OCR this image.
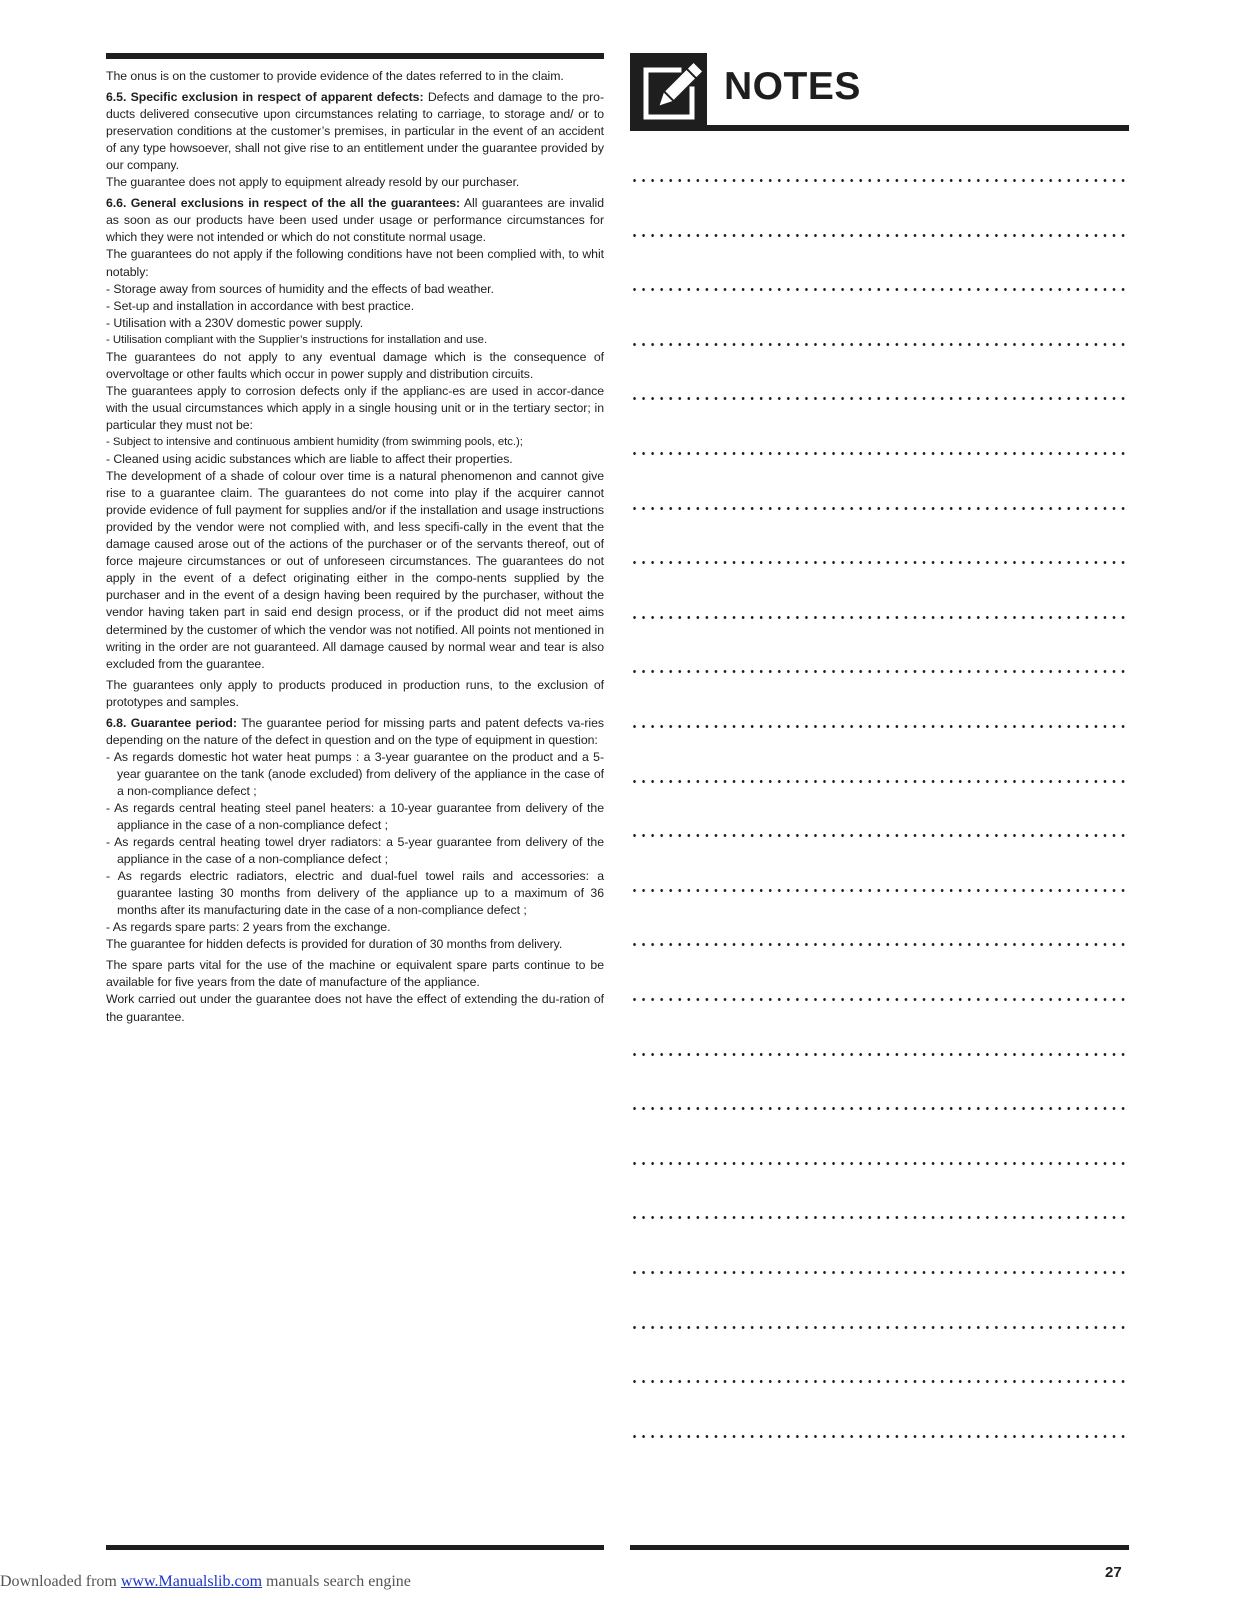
The onus is on the customer to provide evidence of the dates referred to in the claim.

6.5. Specific exclusion in respect of apparent defects: Defects and damage to the pro-ducts delivered consecutive upon circumstances relating to carriage, to storage and/ or to preservation conditions at the customer’s premises, in particular in the event of an accident of any type howsoever, shall not give rise to an entitlement under the guarantee provided by our company.

The guarantee does not apply to equipment already resold by our purchaser.

6.6. General exclusions in respect of the all the guarantees: All guarantees are invalid as soon as our products have been used under usage or performance circumstances for which they were not intended or which do not constitute normal usage.

The guarantees do not apply if the following conditions have not been complied with, to whit notably:

- Storage away from sources of humidity and the effects of bad weather.
- Set-up and installation in accordance with best practice.
- Utilisation with a 230V domestic power supply.
- Utilisation compliant with the Supplier’s instructions for installation and use.

The guarantees do not apply to any eventual damage which is the consequence of overvoltage or other faults which occur in power supply and distribution circuits.

The guarantees apply to corrosion defects only if the applianc-es are used in accor-dance with the usual circumstances which apply in a single housing unit or in the tertiary sector; in particular they must not be:

- Subject to intensive and continuous ambient humidity (from swimming pools, etc.);
- Cleaned using acidic substances which are liable to affect their properties.

The development of a shade of colour over time is a natural phenomenon and cannot give rise to a guarantee claim. The guarantees do not come into play if the acquirer cannot provide evidence of full payment for supplies and/or if the installation and usage instructions provided by the vendor were not complied with, and less specifi-cally in the event that the damage caused arose out of the actions of the purchaser or of the servants thereof, out of force majeure circumstances or out of unforeseen circumstances. The guarantees do not apply in the event of a defect originating either in the compo-nents supplied by the purchaser and in the event of a design having been required by the purchaser, without the vendor having taken part in said end design process, or if the product did not meet aims determined by the customer of which the vendor was not notified. All points not mentioned in writing in the order are not guaranteed. All damage caused by normal wear and tear is also excluded from the guarantee.

The guarantees only apply to products produced in production runs, to the exclusion of prototypes and samples.

6.8. Guarantee period: The guarantee period for missing parts and patent defects va-ries depending on the nature of the defect in question and on the type of equipment in question:

- As regards domestic hot water heat pumps : a 3-year guarantee on the product and a 5-year guarantee on the tank (anode excluded) from delivery of the appliance in the case of a non-compliance defect ;
- As regards central heating steel panel heaters: a 10-year guarantee from delivery of the appliance in the case of a non-compliance defect ;
- As regards central heating towel dryer radiators: a 5-year guarantee from delivery of the appliance in the case of a non-compliance defect ;
- As regards electric radiators, electric and dual-fuel towel rails and accessories: a guarantee lasting 30 months from delivery of the appliance up to a maximum of 36 months after its manufacturing date in the case of a non-compliance defect ;
- As regards spare parts: 2 years from the exchange.

The guarantee for hidden defects is provided for duration of 30 months from delivery.

The spare parts vital for the use of the machine or equivalent spare parts continue to be available for five years from the date of manufacture of the appliance.

Work carried out under the guarantee does not have the effect of extending the du-ration of the guarantee.

NOTES
27
Downloaded from www.Manualslib.com manuals search engine
